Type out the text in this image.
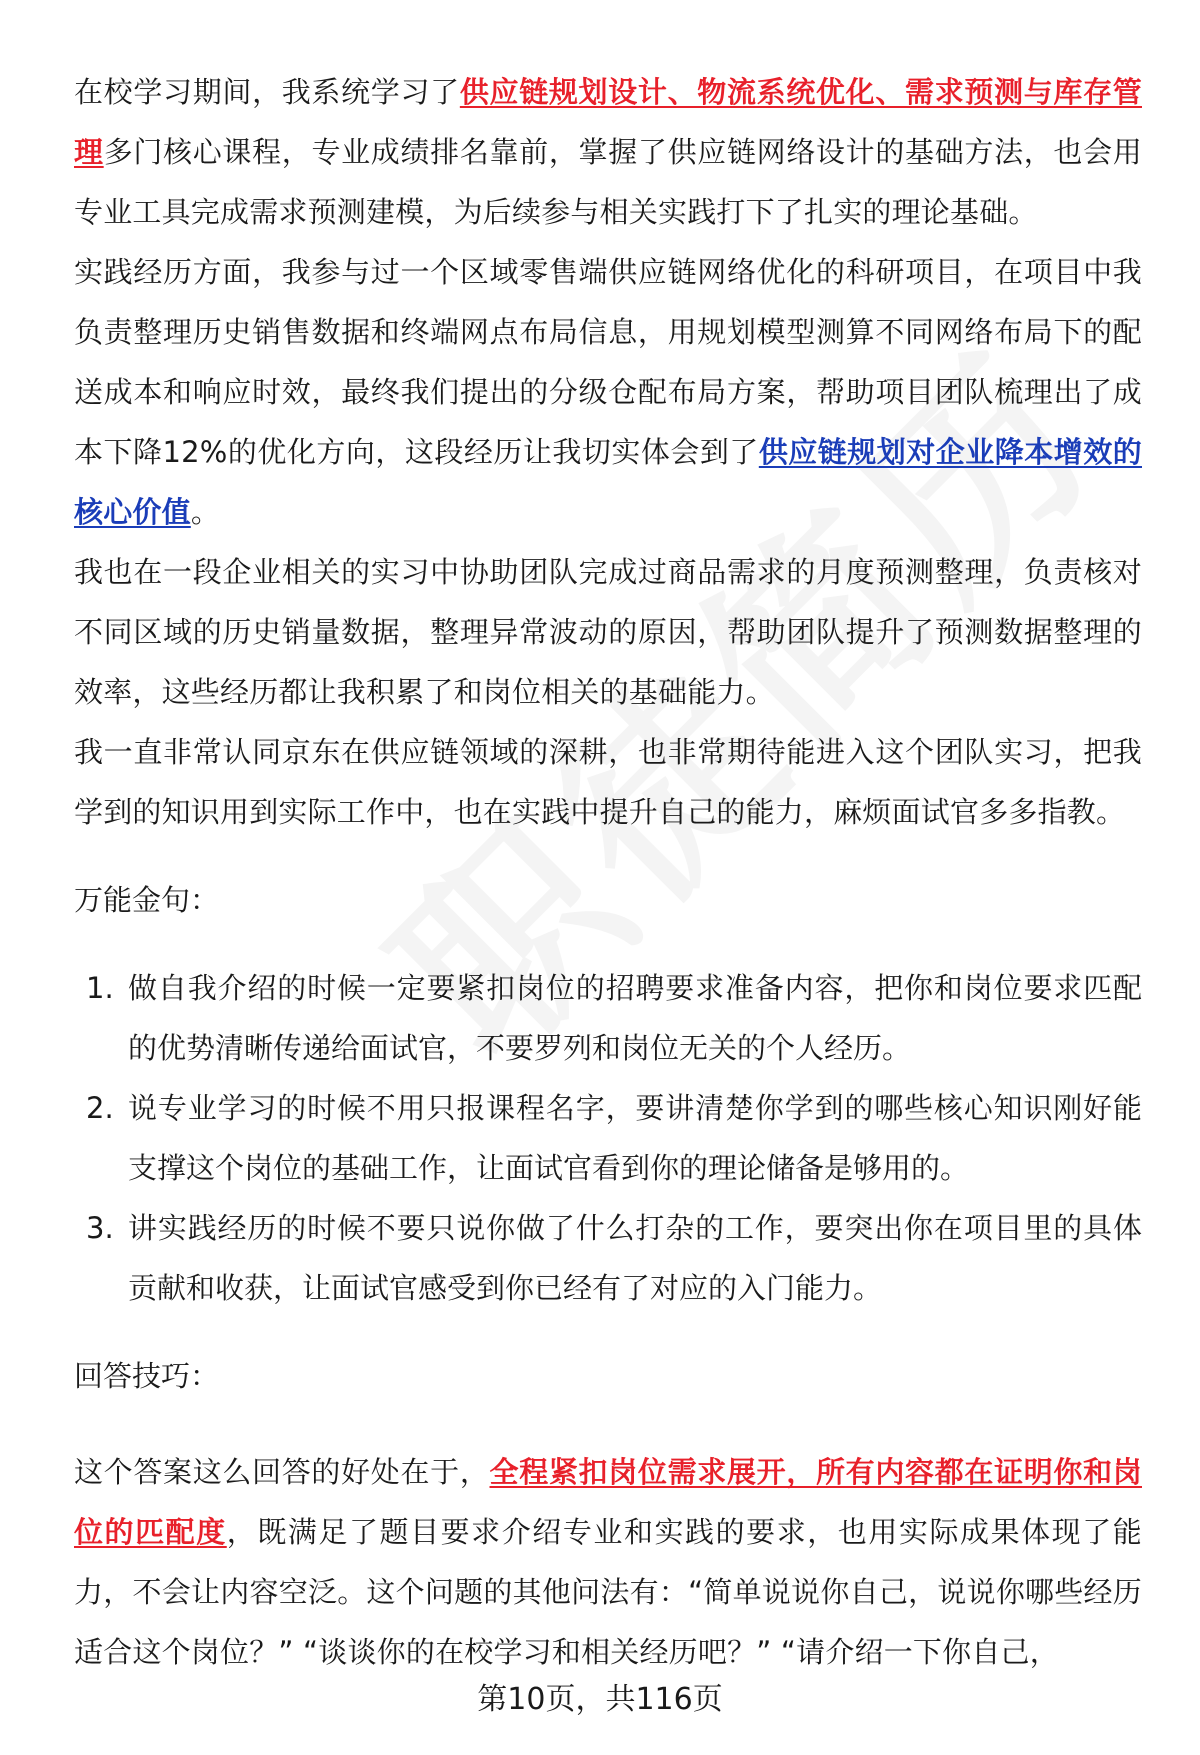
在校学习期间，我系统学习了供应链规划设计、物流系统优化、需求预测与库存管理多门核心课程，专业成绩排名靠前，掌握了供应链网络设计的基础方法，也会用专业工具完成需求预测建模，为后续参与相关实践打下了扎实的理论基础。

实践经历方面，我参与过一个区域零售端供应链网络优化的科研项目，在项目中我负责整理历史销售数据和终端网点布局信息，用规划模型测算不同网络布局下的配送成本和响应时效，最终我们提出的分级仓配布局方案，帮助项目团队梳理出了成本下降12%的优化方向，这段经历让我切实体会到了供应链规划对企业降本增效的核心价值。

我也在一段企业相关的实习中协助团队完成过商品需求的月度预测整理，负责核对不同区域的历史销量数据，整理异常波动的原因，帮助团队提升了预测数据整理的效率，这些经历都让我积累了和岗位相关的基础能力。

我一直非常认同京东在供应链领域的深耕，也非常期待能进入这个团队实习，把我学到的知识用到实际工作中，也在实践中提升自己的能力，麻烦面试官多多指教。

万能金句：

1. 做自我介绍的时候一定要紧扣岗位的招聘要求准备内容，把你和岗位要求匹配的优势清晰传递给面试官，不要罗列和岗位无关的个人经历。
2. 说专业学习的时候不用只报课程名字，要讲清楚你学到的哪些核心知识刚好能支撑这个岗位的基础工作，让面试官看到你的理论储备是够用的。
3. 讲实践经历的时候不要只说你做了什么打杂的工作，要突出你在项目里的具体贡献和收获，让面试官感受到你已经有了对应的入门能力。

回答技巧：

这个答案这么回答的好处在于，全程紧扣岗位需求展开，所有内容都在证明你和岗位的匹配度，既满足了题目要求介绍专业和实践的要求，也用实际成果体现了能力，不会让内容空泛。这个问题的其他问法有：“简单说说你自己，说说你哪些经历适合这个岗位？” “谈谈你的在校学习和相关经历吧？” “请介绍一下你自己，

第10页，共116页
